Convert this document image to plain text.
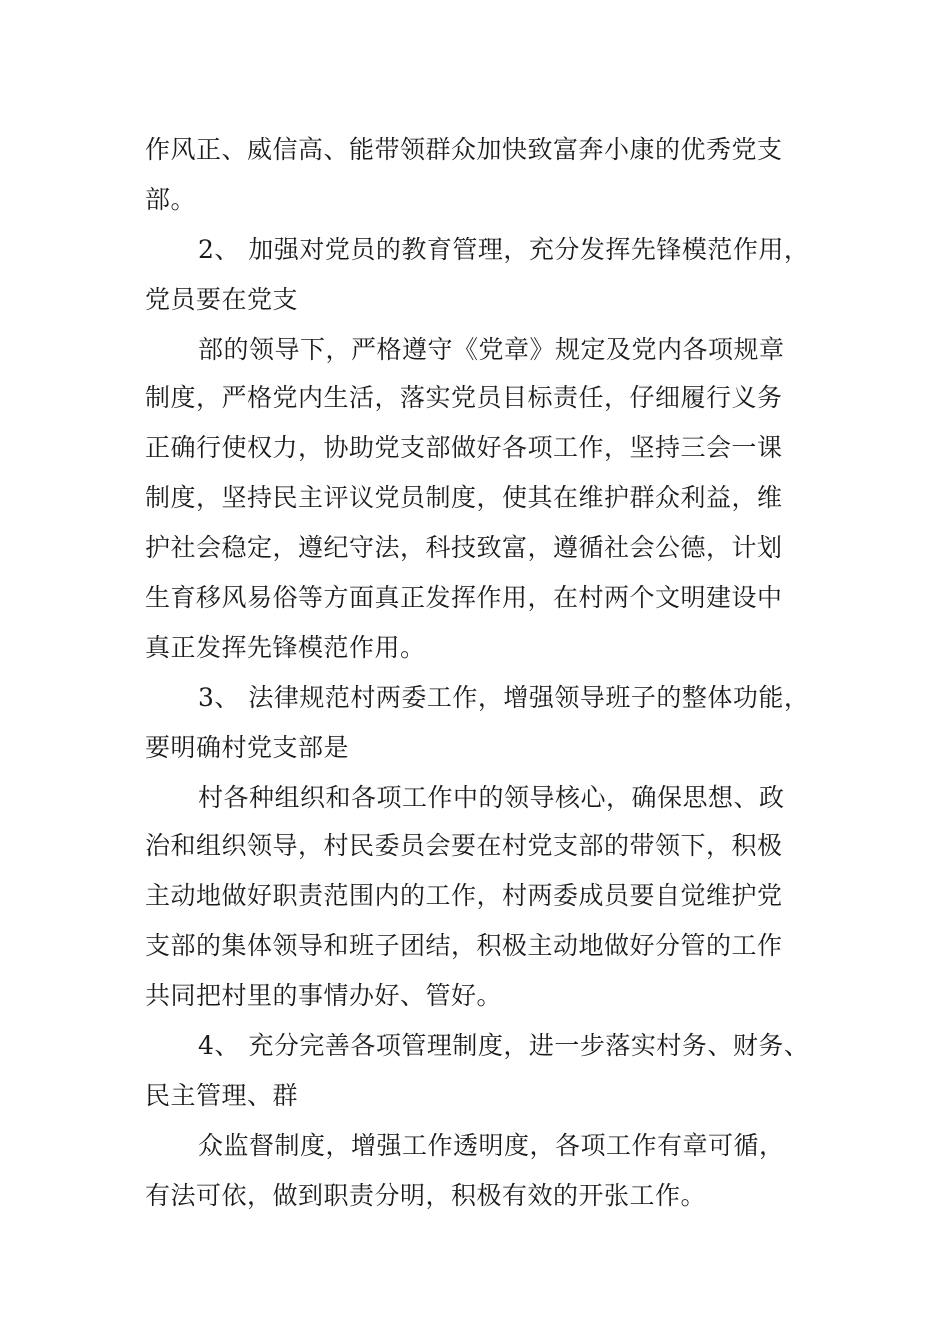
作风正、威信高、能带领群众加快致富奔小康的优秀党支
部。
2、 加强对党员的教育管理，充分发挥先锋模范作用，
党员要在党支
部的领导下，严格遵守《党章》规定及党内各项规章
制度，严格党内生活，落实党员目标责任，仔细履行义务
正确行使权力，协助党支部做好各项工作，坚持三会一课
制度，坚持民主评议党员制度，使其在维护群众利益，维
护社会稳定，遵纪守法，科技致富，遵循社会公德，计划
生育移风易俗等方面真正发挥作用，在村两个文明建设中
真正发挥先锋模范作用。
3、 法律规范村两委工作，增强领导班子的整体功能，
要明确村党支部是
村各种组织和各项工作中的领导核心，确保思想、政
治和组织领导，村民委员会要在村党支部的带领下，积极
主动地做好职责范围内的工作，村两委成员要自觉维护党
支部的集体领导和班子团结，积极主动地做好分管的工作
共同把村里的事情办好、管好。
4、 充分完善各项管理制度，进一步落实村务、财务、
民主管理、群
众监督制度，增强工作透明度，各项工作有章可循，
有法可依，做到职责分明，积极有效的开张工作。
